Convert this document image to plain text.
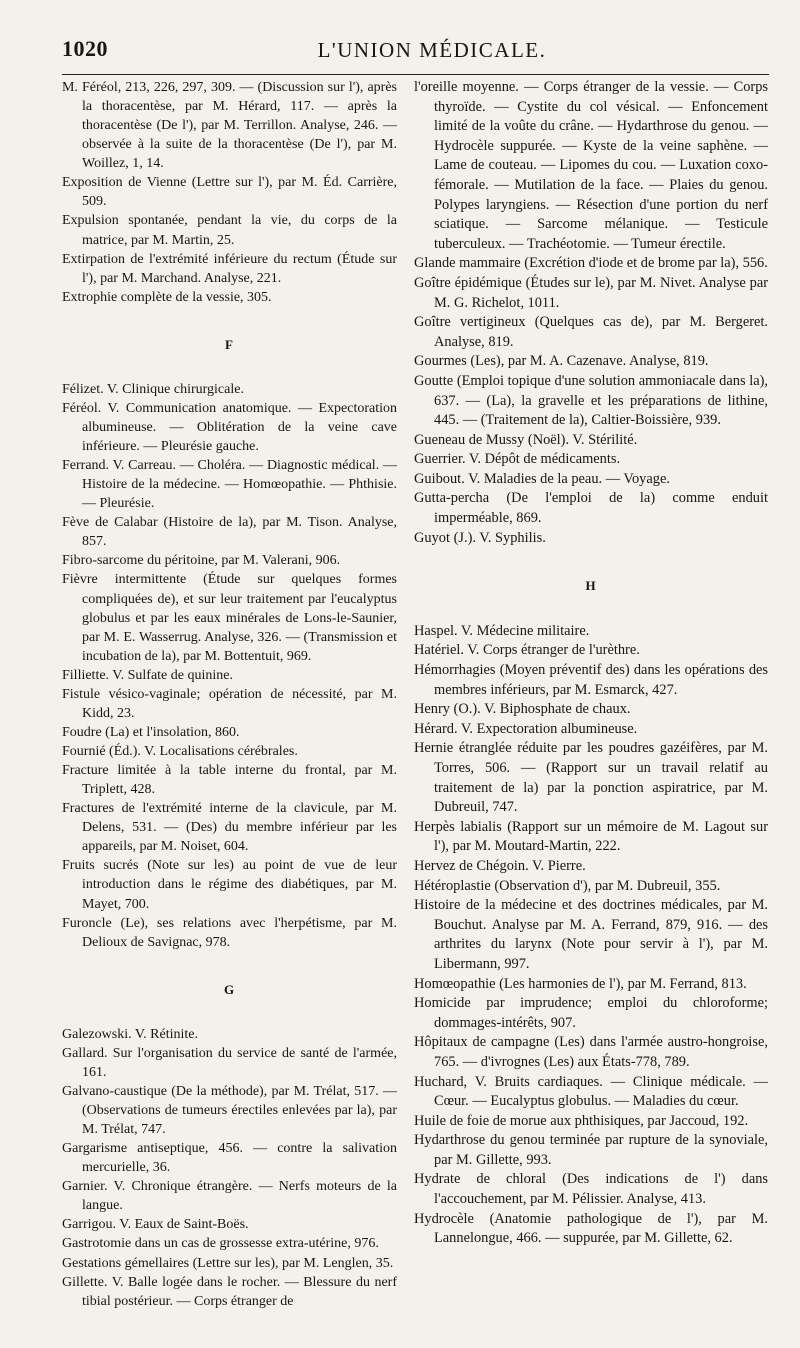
1020	L'UNION MÉDICALE.

M. Féréol, 213, 226, 297, 309. — (Discussion sur l'), après la thoracentèse, par M. Hérard, 117. — après la thoracentèse (De l'), par M. Terrillon. Analyse, 246. — observée à la suite de la thoracentèse (De l'), par M. Woillez, 1, 14.

Exposition de Vienne (Lettre sur l'), par M. Éd. Carrière, 509.

Expulsion spontanée, pendant la vie, du corps de la matrice, par M. Martin, 25.

Extirpation de l'extrémité inférieure du rectum (Étude sur l'), par M. Marchand. Analyse, 221.

Extrophie complète de la vessie, 305.

F

Félizet. V. Clinique chirurgicale.

Féréol. V. Communication anatomique. — Expectoration albumineuse. — Oblitération de la veine cave inférieure. — Pleurésie gauche.

Ferrand. V. Carreau. — Choléra. — Diagnostic médical. — Histoire de la médecine. — Homœopathie. — Phthisie. — Pleurésie.

Fève de Calabar (Histoire de la), par M. Tison. Analyse, 857.

Fibro-sarcome du péritoine, par M. Valerani, 906.

Fièvre intermittente (Étude sur quelques formes compliquées de), et sur leur traitement par l'eucalyptus globulus et par les eaux minérales de Lons-le-Saunier, par M. E. Wasserrug. Analyse, 326. — (Transmission et incubation de la), par M. Bottentuit, 969.

Filliette. V. Sulfate de quinine.

Fistule vésico-vaginale; opération de nécessité, par M. Kidd, 23.

Foudre (La) et l'insolation, 860.

Fournié (Éd.). V. Localisations cérébrales.

Fracture limitée à la table interne du frontal, par M. Triplett, 428.

Fractures de l'extrémité interne de la clavicule, par M. Delens, 531. — (Des) du membre inférieur par les appareils, par M. Noiset, 604.

Fruits sucrés (Note sur les) au point de vue de leur introduction dans le régime des diabétiques, par M. Mayet, 700.

Furoncle (Le), ses relations avec l'herpétisme, par M. Delioux de Savignac, 978.

G

Galezowski. V. Rétinite.

Gallard. Sur l'organisation du service de santé de l'armée, 161.

Galvano-caustique (De la méthode), par M. Trélat, 517. — (Observations de tumeurs érectiles enlevées par la), par M. Trélat, 747.

Gargarisme antiseptique, 456. — contre la salivation mercurielle, 36.

Garnier. V. Chronique étrangère. — Nerfs moteurs de la langue.

Garrigou. V. Eaux de Saint-Boës.

Gastrotomie dans un cas de grossesse extra-utérine, 976.

Gestations gémellaires (Lettre sur les), par M. Lenglen, 35.

Gillette. V. Balle logée dans le rocher. — Blessure du nerf tibial postérieur. — Corps étranger de

l'oreille moyenne. — Corps étranger de la vessie. — Corps thyroïde. — Cystite du col vésical. — Enfoncement limité de la voûte du crâne. — Hydarthrose du genou. — Hydrocèle suppurée. — Kyste de la veine saphène. — Lame de couteau. — Lipomes du cou. — Luxation coxo-fémorale. — Mutilation de la face. — Plaies du genou. Polypes laryngiens. — Résection d'une portion du nerf sciatique. — Sarcome mélanique. — Testicule tuberculeux. — Trachéotomie. — Tumeur érectile.

Glande mammaire (Excrétion d'iode et de brome par la), 556.

Goître épidémique (Études sur le), par M. Nivet. Analyse par M. G. Richelot, 1011.

Goître vertigineux (Quelques cas de), par M. Bergeret. Analyse, 819.

Gourmes (Les), par M. A. Cazenave. Analyse, 819.

Goutte (Emploi topique d'une solution ammoniacale dans la), 637. — (La), la gravelle et les préparations de lithine, 445. — (Traitement de la), Caltier-Boissière, 939.

Gueneau de Mussy (Noël). V. Stérilité.

Guerrier. V. Dépôt de médicaments.

Guibout. V. Maladies de la peau. — Voyage.

Gutta-percha (De l'emploi de la) comme enduit imperméable, 869.

Guyot (J.). V. Syphilis.

H

Haspel. V. Médecine militaire.

Hatériel. V. Corps étranger de l'urèthre.

Hémorrhagies (Moyen préventif des) dans les opérations des membres inférieurs, par M. Esmarck, 427.

Henry (O.). V. Biphosphate de chaux.

Hérard. V. Expectoration albumineuse.

Hernie étranglée réduite par les poudres gazéifères, par M. Torres, 506. — (Rapport sur un travail relatif au traitement de la) par la ponction aspiratrice, par M. Dubreuil, 747.

Herpès labialis (Rapport sur un mémoire de M. Lagout sur l'), par M. Moutard-Martin, 222.

Hervez de Chégoin. V. Pierre.

Hétéroplastie (Observation d'), par M. Dubreuil, 355.

Histoire de la médecine et des doctrines médicales, par M. Bouchut. Analyse par M. A. Ferrand, 879, 916. — des arthrites du larynx (Note pour servir à l'), par M. Libermann, 997.

Homœopathie (Les harmonies de l'), par M. Ferrand, 813.

Homicide par imprudence; emploi du chloroforme; dommages-intérêts, 907.

Hôpitaux de campagne (Les) dans l'armée austro-hongroise, 765. — d'ivrognes (Les) aux États-778, 789.

Huchard, V. Bruits cardiaques. — Clinique médicale. — Cœur. — Eucalyptus globulus. — Maladies du cœur.

Huile de foie de morue aux phthisiques, par Jaccoud, 192.

Hydarthrose du genou terminée par rupture de la synoviale, par M. Gillette, 993.

Hydrate de chloral (Des indications de l') dans l'accouchement, par M. Pélissier. Analyse, 413.

Hydrocèle (Anatomie pathologique de l'), par M. Lannelongue, 466. — suppurée, par M. Gillette, 62.
